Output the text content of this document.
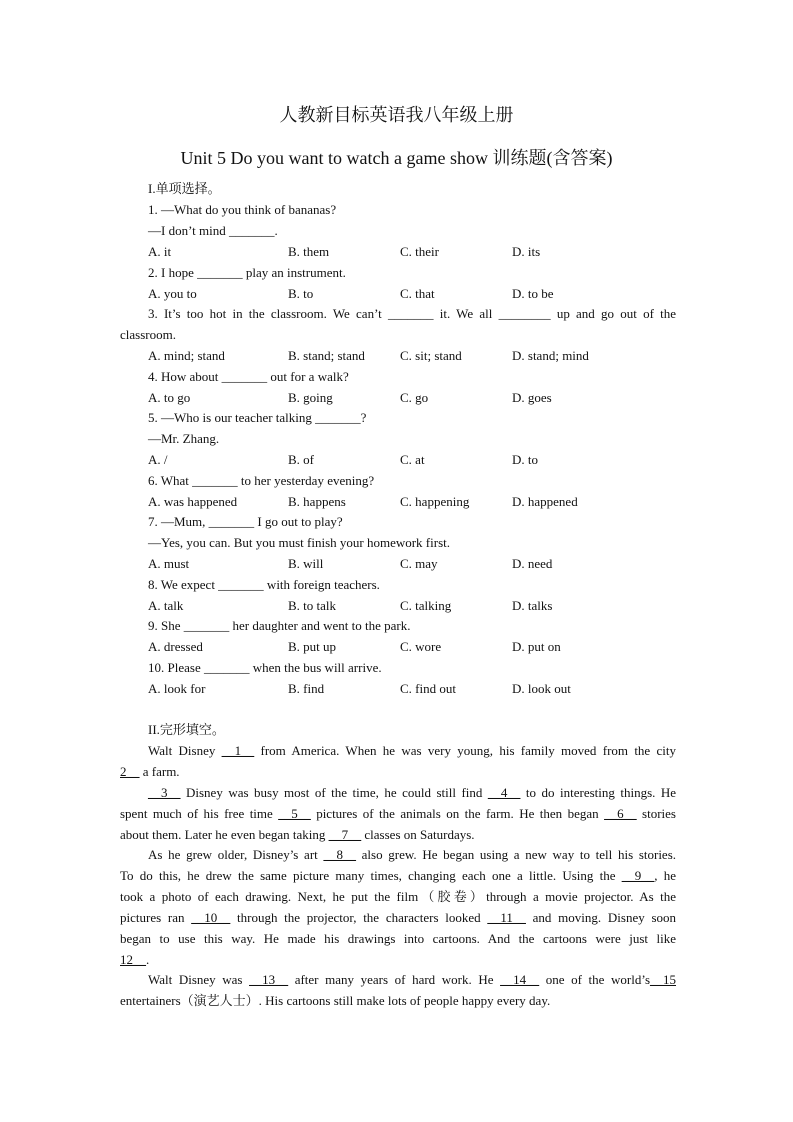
人教新目标英语我八年级上册
Unit 5 Do you want to watch a game show 训练题(含答案)
I.单项选择。
1. —What do you think of bananas?
—I don’t mind _______.
A. it	B. them	C. their	D. its
2. I hope _______ play an instrument.
A. you to	B. to	C. that	D. to be
3. It’s too hot in the classroom. We can’t _______ it. We all ________ up and go out of the
classroom.
A. mind; stand	B. stand; stand	C. sit; stand	D. stand; mind
4. How about _______ out for a walk?
A. to go	B. going	C. go	D. goes
5. —Who is our teacher talking _______?
—Mr. Zhang.
A. /	B. of	C. at	D. to
6. What _______ to her yesterday evening?
A. was happened	B. happens	C. happening	D. happened
7. —Mum, _______ I go out to play?
—Yes, you can. But you must finish your homework first.
A. must	B. will	C. may	D. need
8. We expect _______ with foreign teachers.
A. talk	B. to talk	C. talking	D. talks
9. She _______ her daughter and went to the park.
A. dressed	B. put up	C. wore	D. put on
10. Please _______ when the bus will arrive.
A. look for	B. find	C. find out	D. look out
II.完形填空。
Walt Disney __1__ from America. When he was very young, his family moved from the city
2__ a farm.
__3__ Disney was busy most of the time, he could still find __4__ to do interesting things. He
spent much of his free time __5__ pictures of the animals on the farm. He then began __6__ stories
about them. Later he even began taking __7__ classes on Saturdays.
As he grew older, Disney’s art __8__ also grew. He began using a new way to tell his stories.
To do this, he drew the same picture many times, changing each one a little. Using the __9__, he
took a photo of each drawing. Next, he put the film（胶卷）through a movie projector. As the
pictures ran __10__ through the projector, the characters looked __11__ and moving. Disney soon
began to use this way. He made his drawings into cartoons. And the cartoons were just like
12__.
Walt Disney was __13__ after many years of hard work. He __14__ one of the world’s__15
entertainers（演艺人士）. His cartoons still make lots of people happy every day.
